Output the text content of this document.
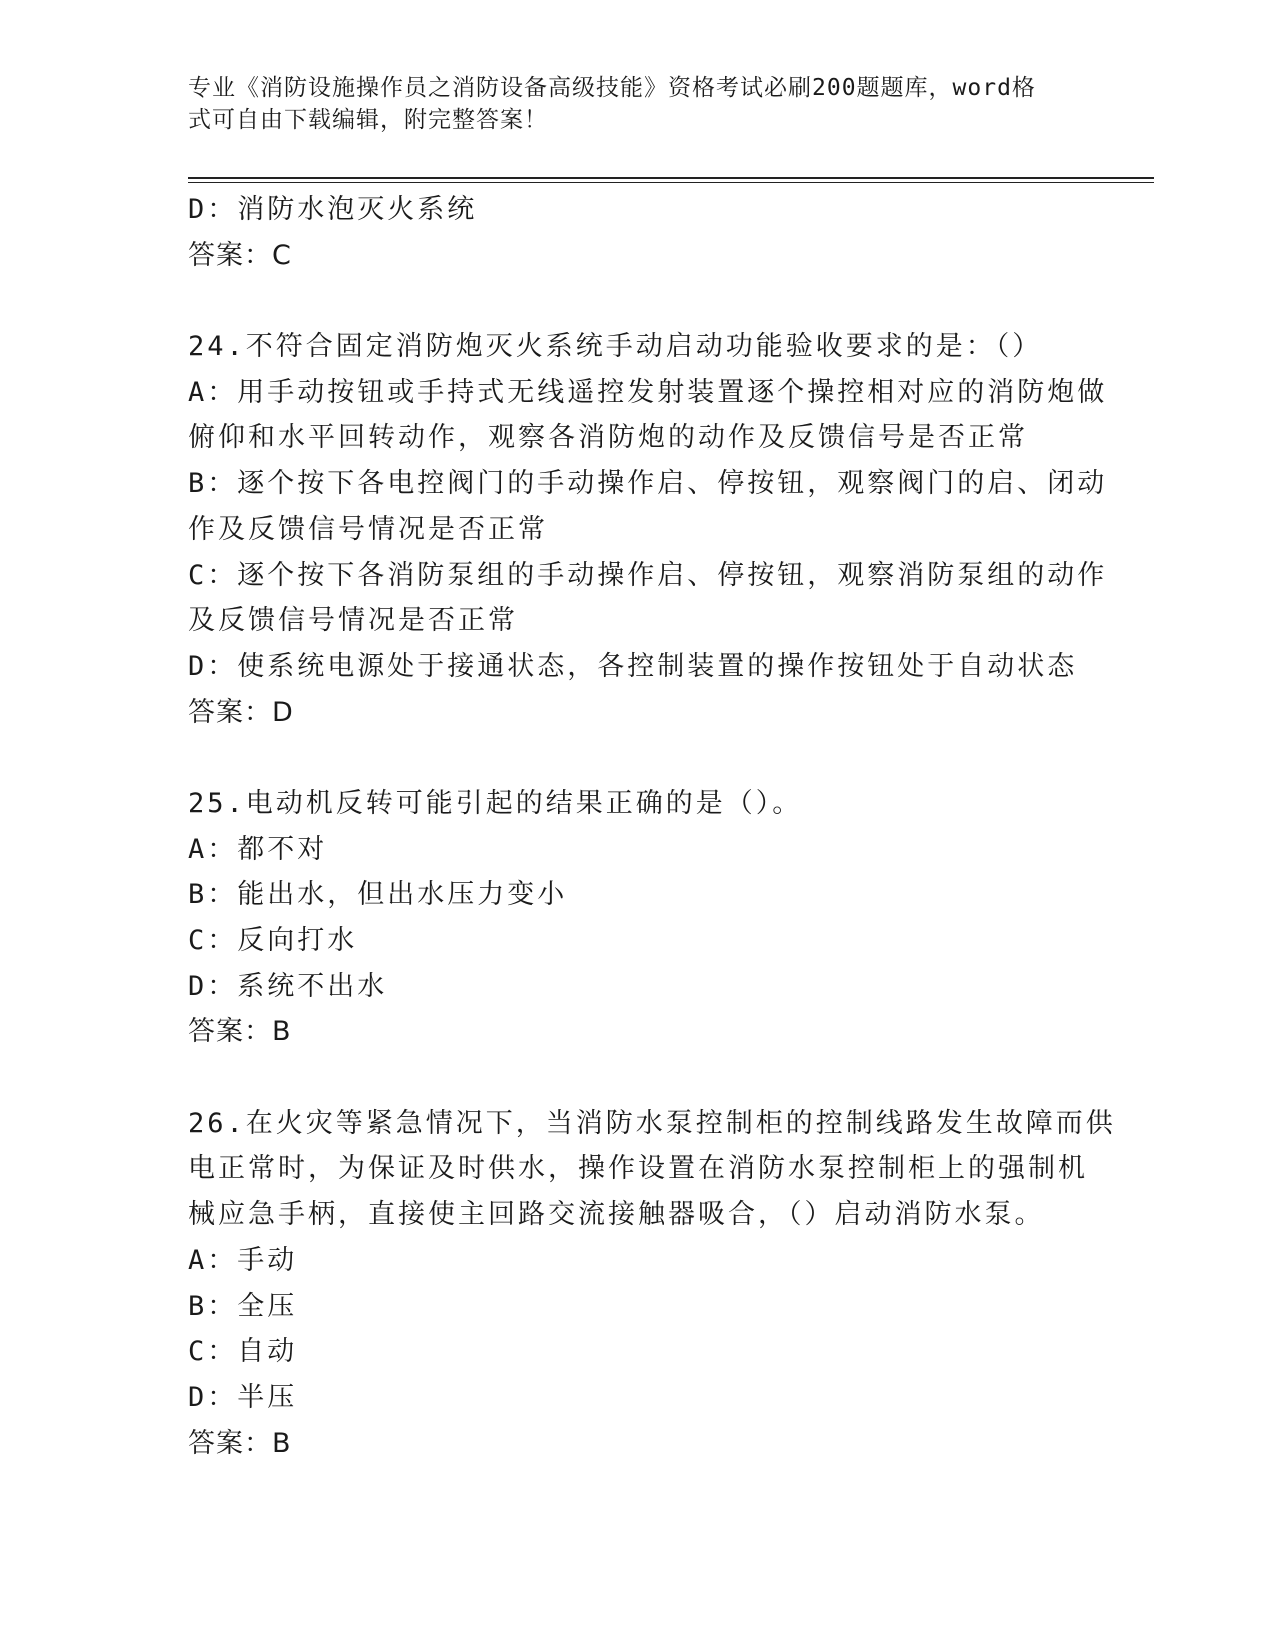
专业《消防设施操作员之消防设备高级技能》资格考试必刷200题题库，word格
式可自由下载编辑，附完整答案！
D：消防水泡灭火系统
答案：C
24.不符合固定消防炮灭火系统手动启动功能验收要求的是：（）
A：用手动按钮或手持式无线遥控发射装置逐个操控相对应的消防炮做
俯仰和水平回转动作，观察各消防炮的动作及反馈信号是否正常
B：逐个按下各电控阀门的手动操作启、停按钮，观察阀门的启、闭动
作及反馈信号情况是否正常
C：逐个按下各消防泵组的手动操作启、停按钮，观察消防泵组的动作
及反馈信号情况是否正常
D：使系统电源处于接通状态，各控制装置的操作按钮处于自动状态
答案：D
25.电动机反转可能引起的结果正确的是（）。
A：都不对
B：能出水，但出水压力变小
C：反向打水
D：系统不出水
答案：B
26.在火灾等紧急情况下，当消防水泵控制柜的控制线路发生故障而供
电正常时，为保证及时供水，操作设置在消防水泵控制柜上的强制机
械应急手柄，直接使主回路交流接触器吸合，（）启动消防水泵。
A：手动
B：全压
C：自动
D：半压
答案：B
